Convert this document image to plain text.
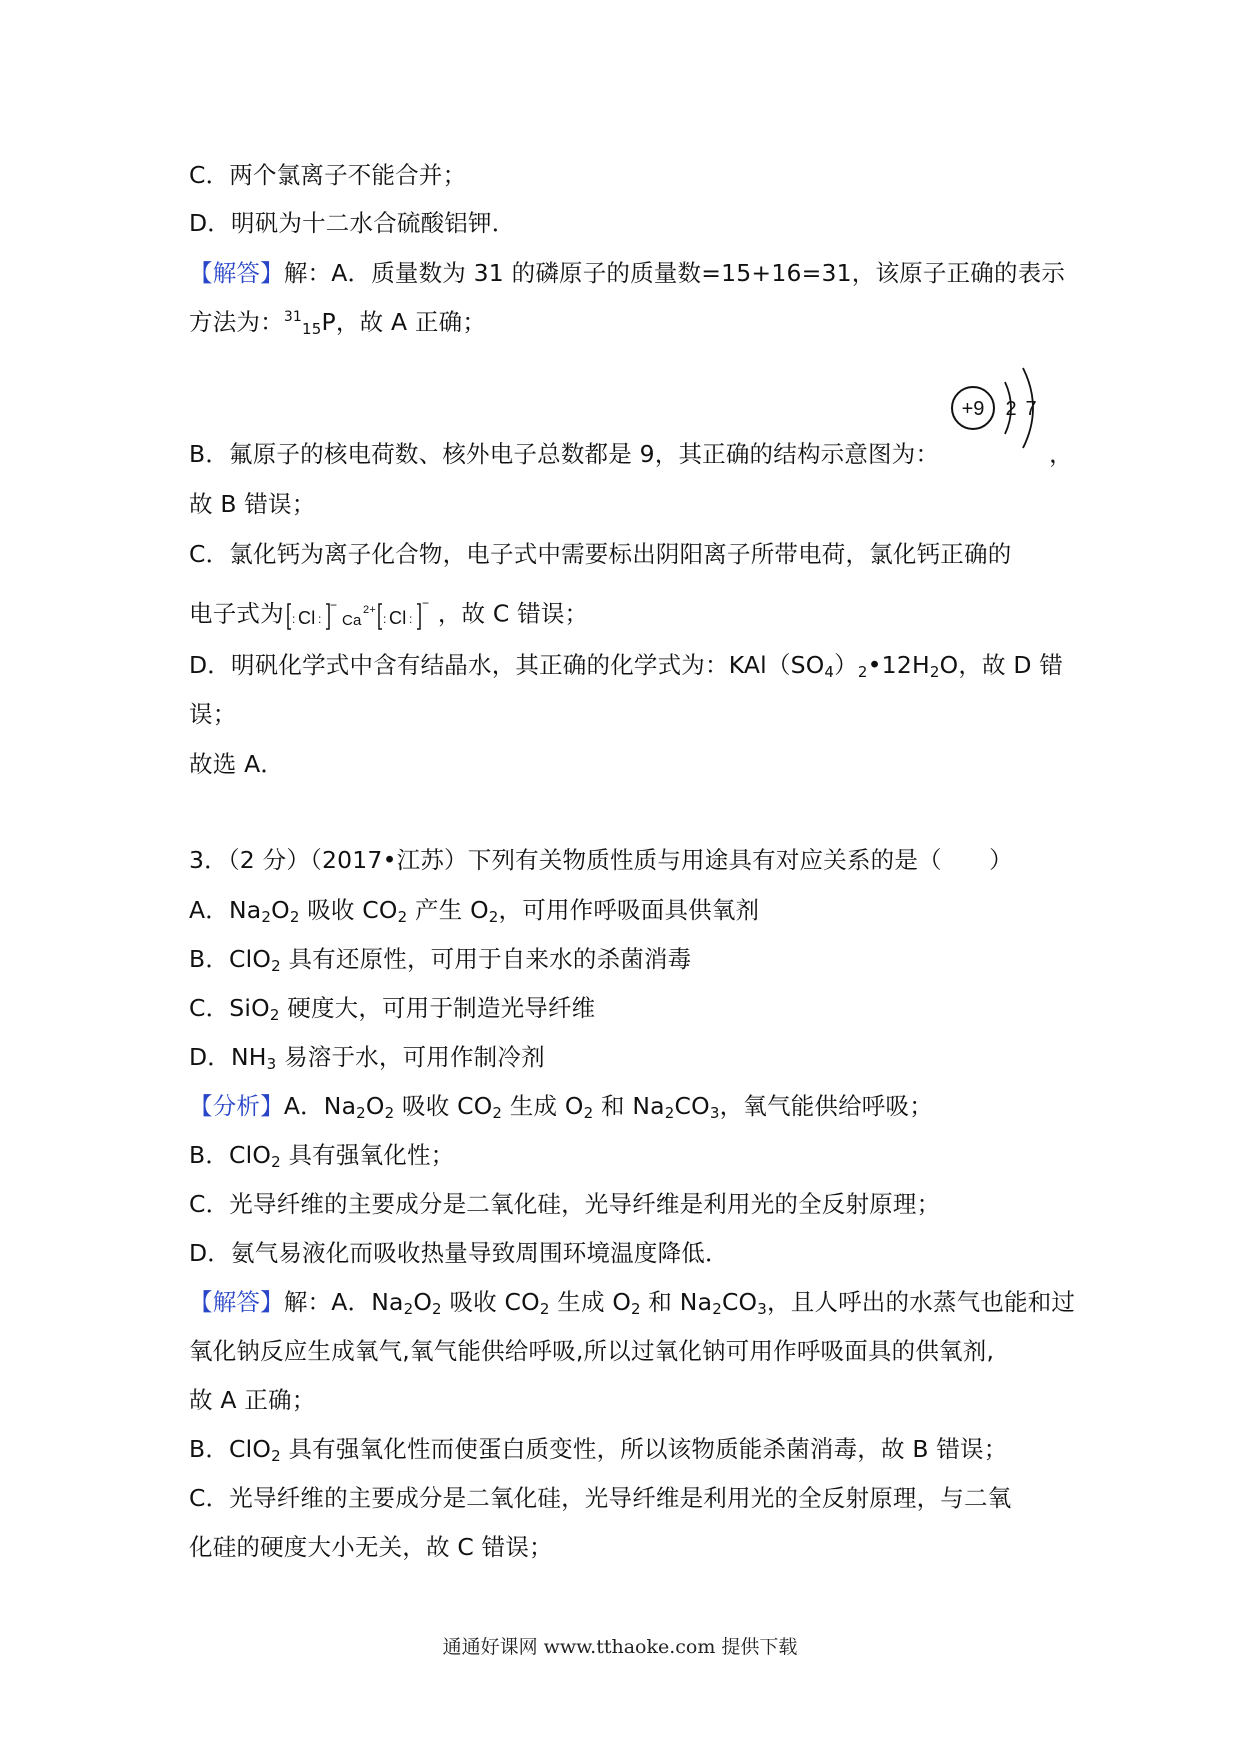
C．两个氯离子不能合并；

D．明矾为十二水合硫酸铝钾．

【解答】解：A．质量数为 31 的磷原子的质量数=15+16=31，该原子正确的表示

方法为：$^{31}_{15}$P，故 A 正确；

+9 2 7

B．氟原子的核电荷数、核外电子总数都是 9，其正确的结构示意图为：	，

故 B 错误；

C．氯化钙为离子化合物，电子式中需要标出阴阳离子所带电荷，氯化钙正确的

电子式为 : Cl :
−
Ca
2+
: Cl :
− ，故 C 错误；

D．明矾化学式中含有结晶水，其正确的化学式为：$KAl(SO_4)_2•12H_2O$，故 D 错

误；

故选 A．

3．（2 分）（2017•江苏）下列有关物质性质与用途具有对应关系的是（　　）

A．$Na_2O_2$ 吸收 $CO_2$ 产生 $O_2$，可用作呼吸面具供氧剂

B．ClO$_2$ 具有还原性，可用于自来水的杀菌消毒

C．SiO$_2$ 硬度大，可用于制造光导纤维

D．$NH_3$ 易溶于水，可用作制冷剂

【分析】A．$Na_2O_2$ 吸收 $CO_2$ 生成 $O_2$ 和 $Na_2CO_3$，氧气能供给呼吸；

B．ClO$_2$ 具有强氧化性；

C．光导纤维的主要成分是二氧化硅，光导纤维是利用光的全反射原理；

D．氨气易液化而吸收热量导致周围环境温度降低．

【解答】解：A．$Na_2O_2$ 吸收 $CO_2$ 生成 $O_2$ 和 $Na_2CO_3$，且人呼出的水蒸气也能和过

氧化钠反应生成氧气,氧气能供给呼吸,所以过氧化钠可用作呼吸面具的供氧剂,

故 A 正确；

B．ClO$_2$ 具有强氧化性而使蛋白质变性，所以该物质能杀菌消毒，故 B 错误；

C．光导纤维的主要成分是二氧化硅，光导纤维是利用光的全反射原理，与二氧

化硅的硬度大小无关，故 C 错误；

通通好课网 www.tthaoke.com 提供下载
